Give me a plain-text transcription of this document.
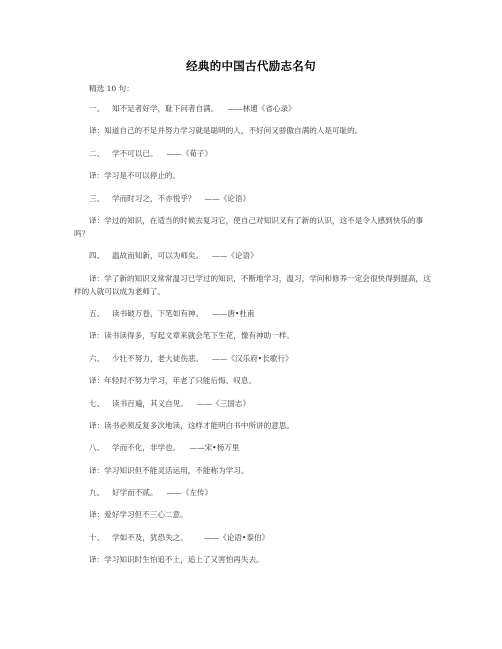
经典的中国古代励志名句
精选 10 句：
一、 知不足者好学，耻下问者自满。 ——林逋《省心录》
译：知道自己的不足并努力学习就是聪明的人，不好问又骄傲自满的人是可耻的。
二、 学不可以已。 ——《荀子》
译：学习是不可以停止的。
三、 学而时习之，不亦悦乎？ ——《论语》
译：学过的知识，在适当的时候去复习它，使自己对知识又有了新的认识，这不是令人感到快乐的事吗？
四、 温故而知新，可以为师矣。 ——《论语》
译：学了新的知识又常常温习已学过的知识，不断地学习，温习，学问和修养一定会很快得到提高，这样的人就可以成为老师了。
五、 读书破万卷，下笔如有神。 ——唐•杜甫
译：读书读得多，写起文章来就会笔下生花，像有神助一样。
六、 少壮不努力，老大徒伤悲。 ——《汉乐府•长歌行》
译：年轻时不努力学习，年老了只能后悔、叹息。
七、 读书百遍，其义自见。 ——《三国志》
译：读书必须反复多次地读，这样才能明白书中所讲的意思。
八、 学而不化，非学也。 ——宋•杨万里
译：学习知识但不能灵活运用，不能称为学习。
九、 好学而不贰。 ——《左传》
译：爱好学习但不三心二意。
十、 学如不及，犹恐失之。 ——《论语•泰伯》
译：学习知识时生怕追不上，追上了又害怕再失去。
